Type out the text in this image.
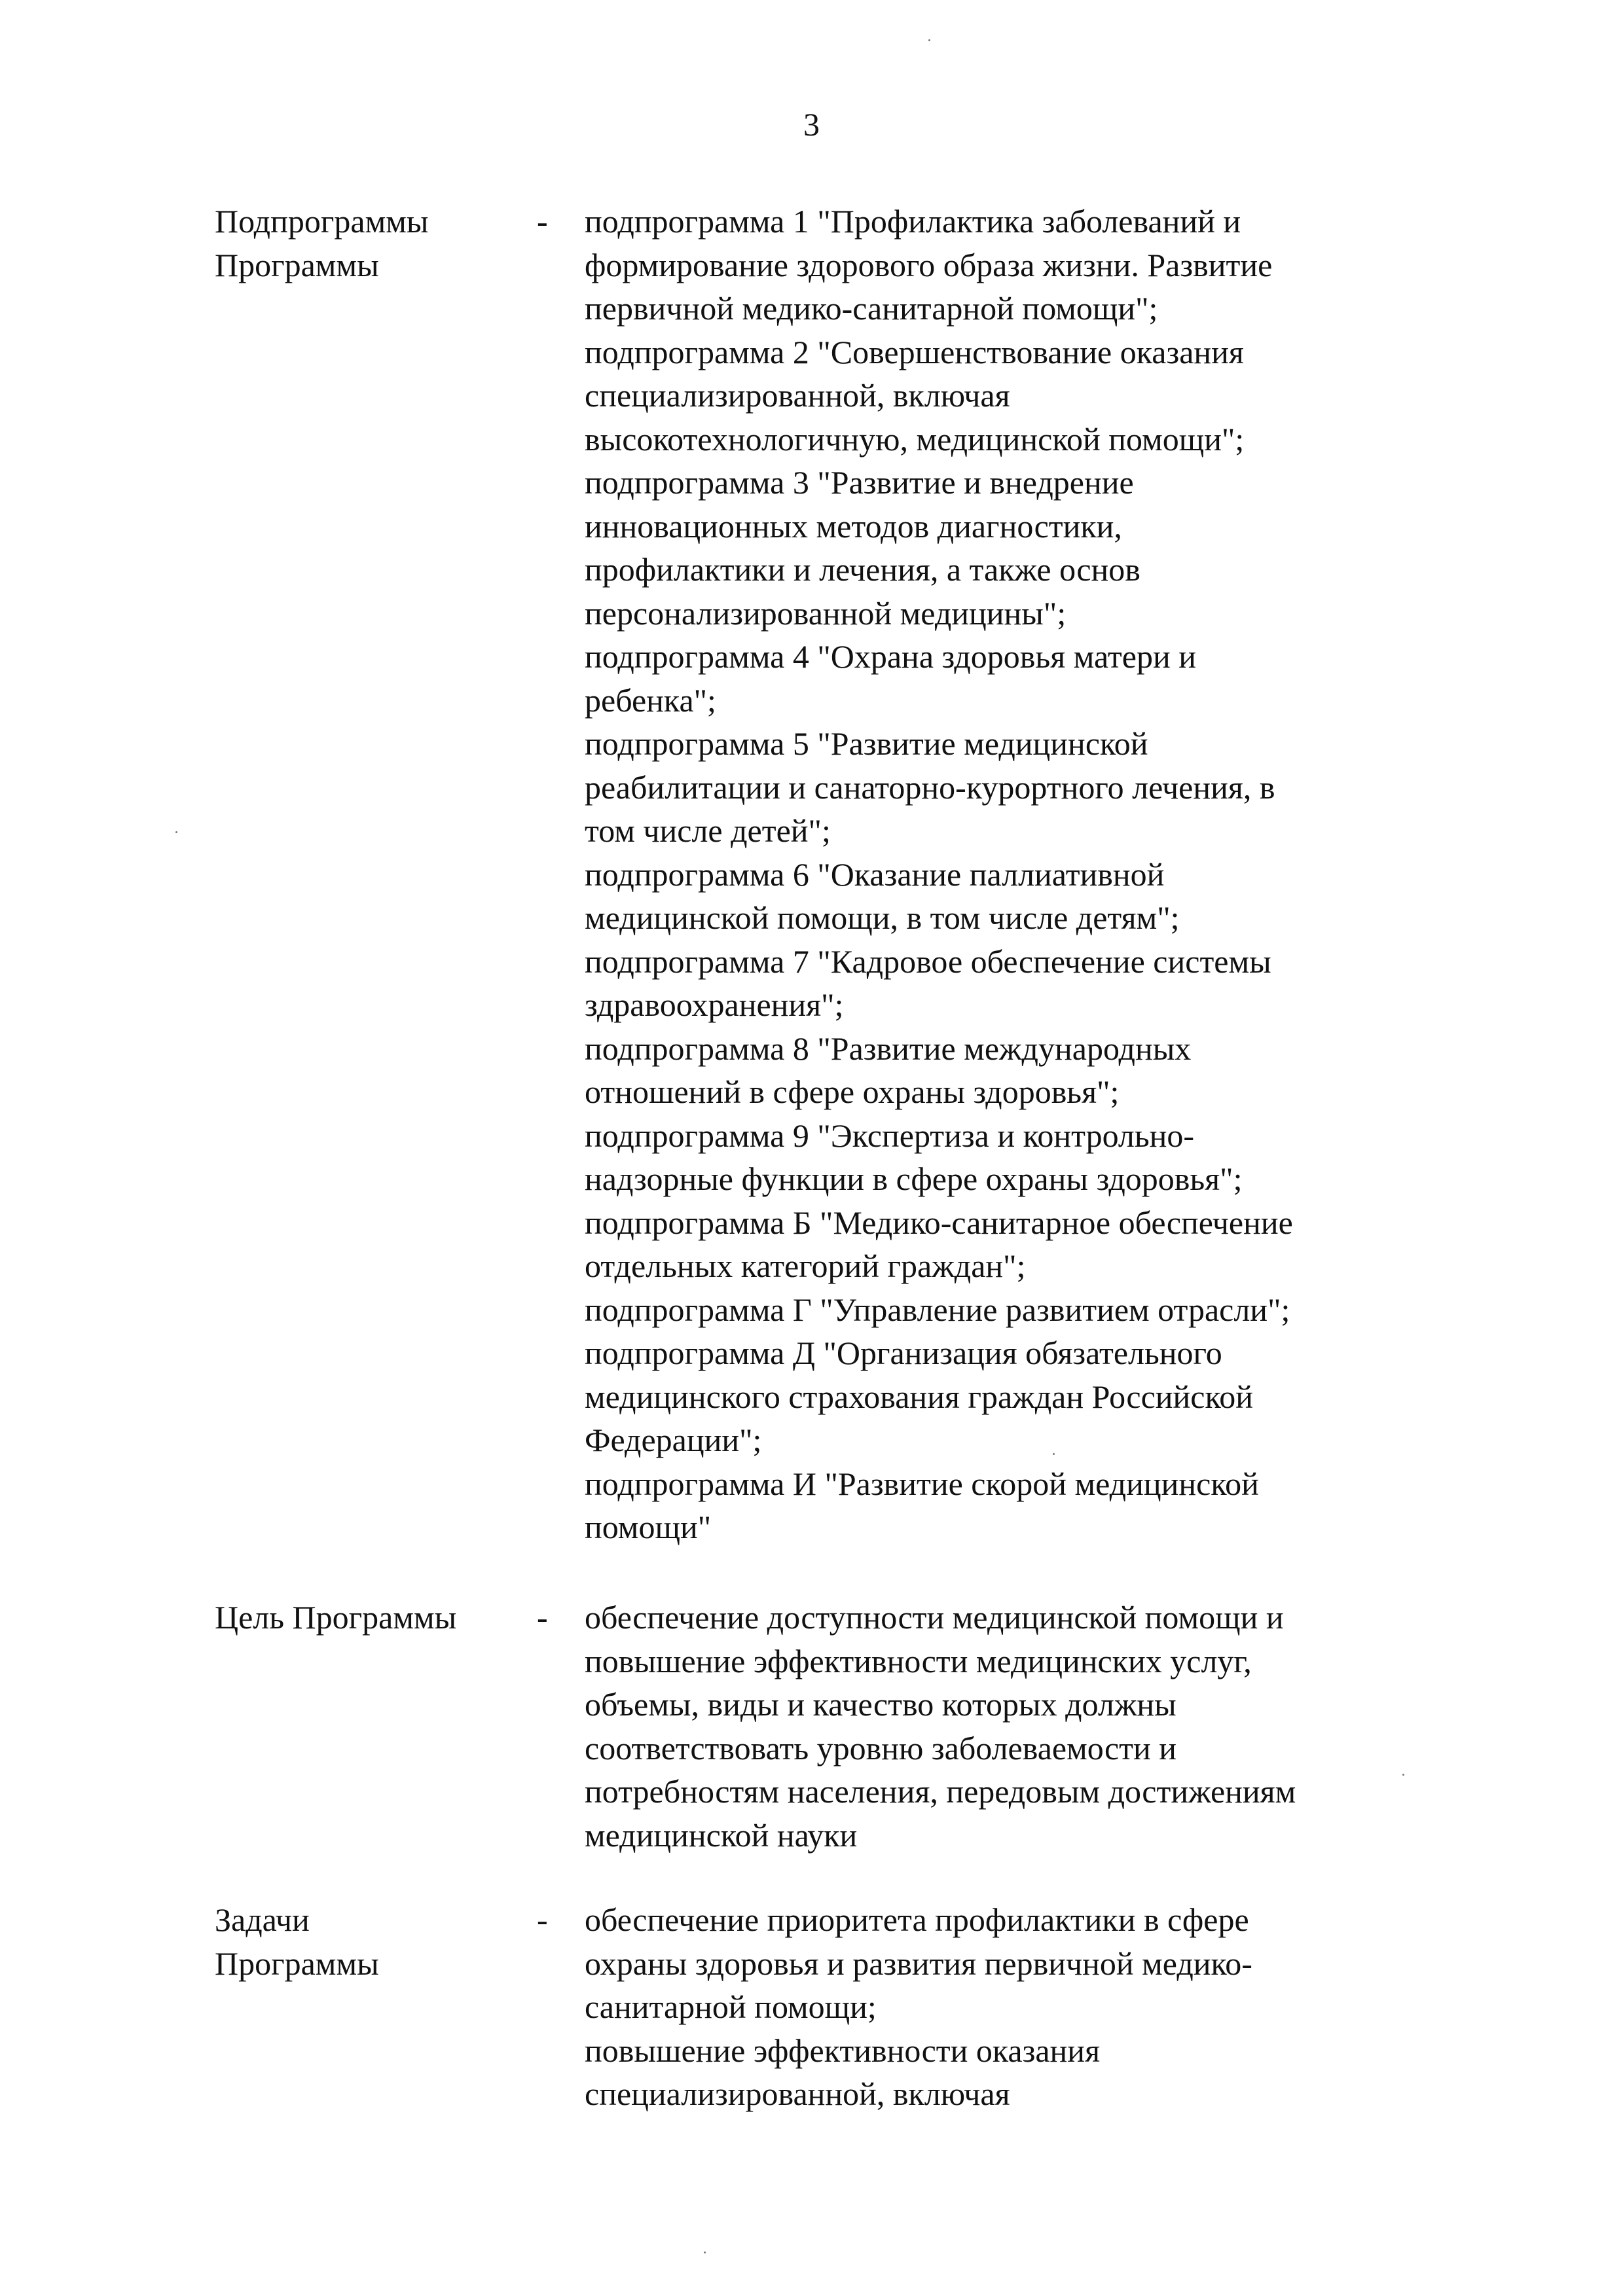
3
Подпрограммы
Программы
- подпрограмма 1 "Профилактика заболеваний и
формирование здорового образа жизни. Развитие
первичной медико-санитарной помощи";
подпрограмма 2 "Совершенствование оказания
специализированной, включая
высокотехнологичную, медицинской помощи";
подпрограмма 3 "Развитие и внедрение
инновационных методов диагностики,
профилактики и лечения, а также основ
персонализированной медицины";
подпрограмма 4 "Охрана здоровья матери и
ребенка";
подпрограмма 5 "Развитие медицинской
реабилитации и санаторно-курортного лечения, в
том числе детей";
подпрограмма 6 "Оказание паллиативной
медицинской помощи, в том числе детям";
подпрограмма 7 "Кадровое обеспечение системы
здравоохранения";
подпрограмма 8 "Развитие международных
отношений в сфере охраны здоровья";
подпрограмма 9 "Экспертиза и контрольно-
надзорные функции в сфере охраны здоровья";
подпрограмма Б "Медико-санитарное обеспечение
отдельных категорий граждан";
подпрограмма Г "Управление развитием отрасли";
подпрограмма Д "Организация обязательного
медицинского страхования граждан Российской
Федерации";
подпрограмма И "Развитие скорой медицинской
помощи"
Цель Программы	- обеспечение доступности медицинской помощи и
повышение эффективности медицинских услуг,
объемы, виды и качество которых должны
соответствовать уровню заболеваемости и
потребностям населения, передовым достижениям
медицинской науки
Задачи
Программы
- обеспечение приоритета профилактики в сфере
охраны здоровья и развития первичной медико-
санитарной помощи;
повышение эффективности оказания
специализированной, включая
